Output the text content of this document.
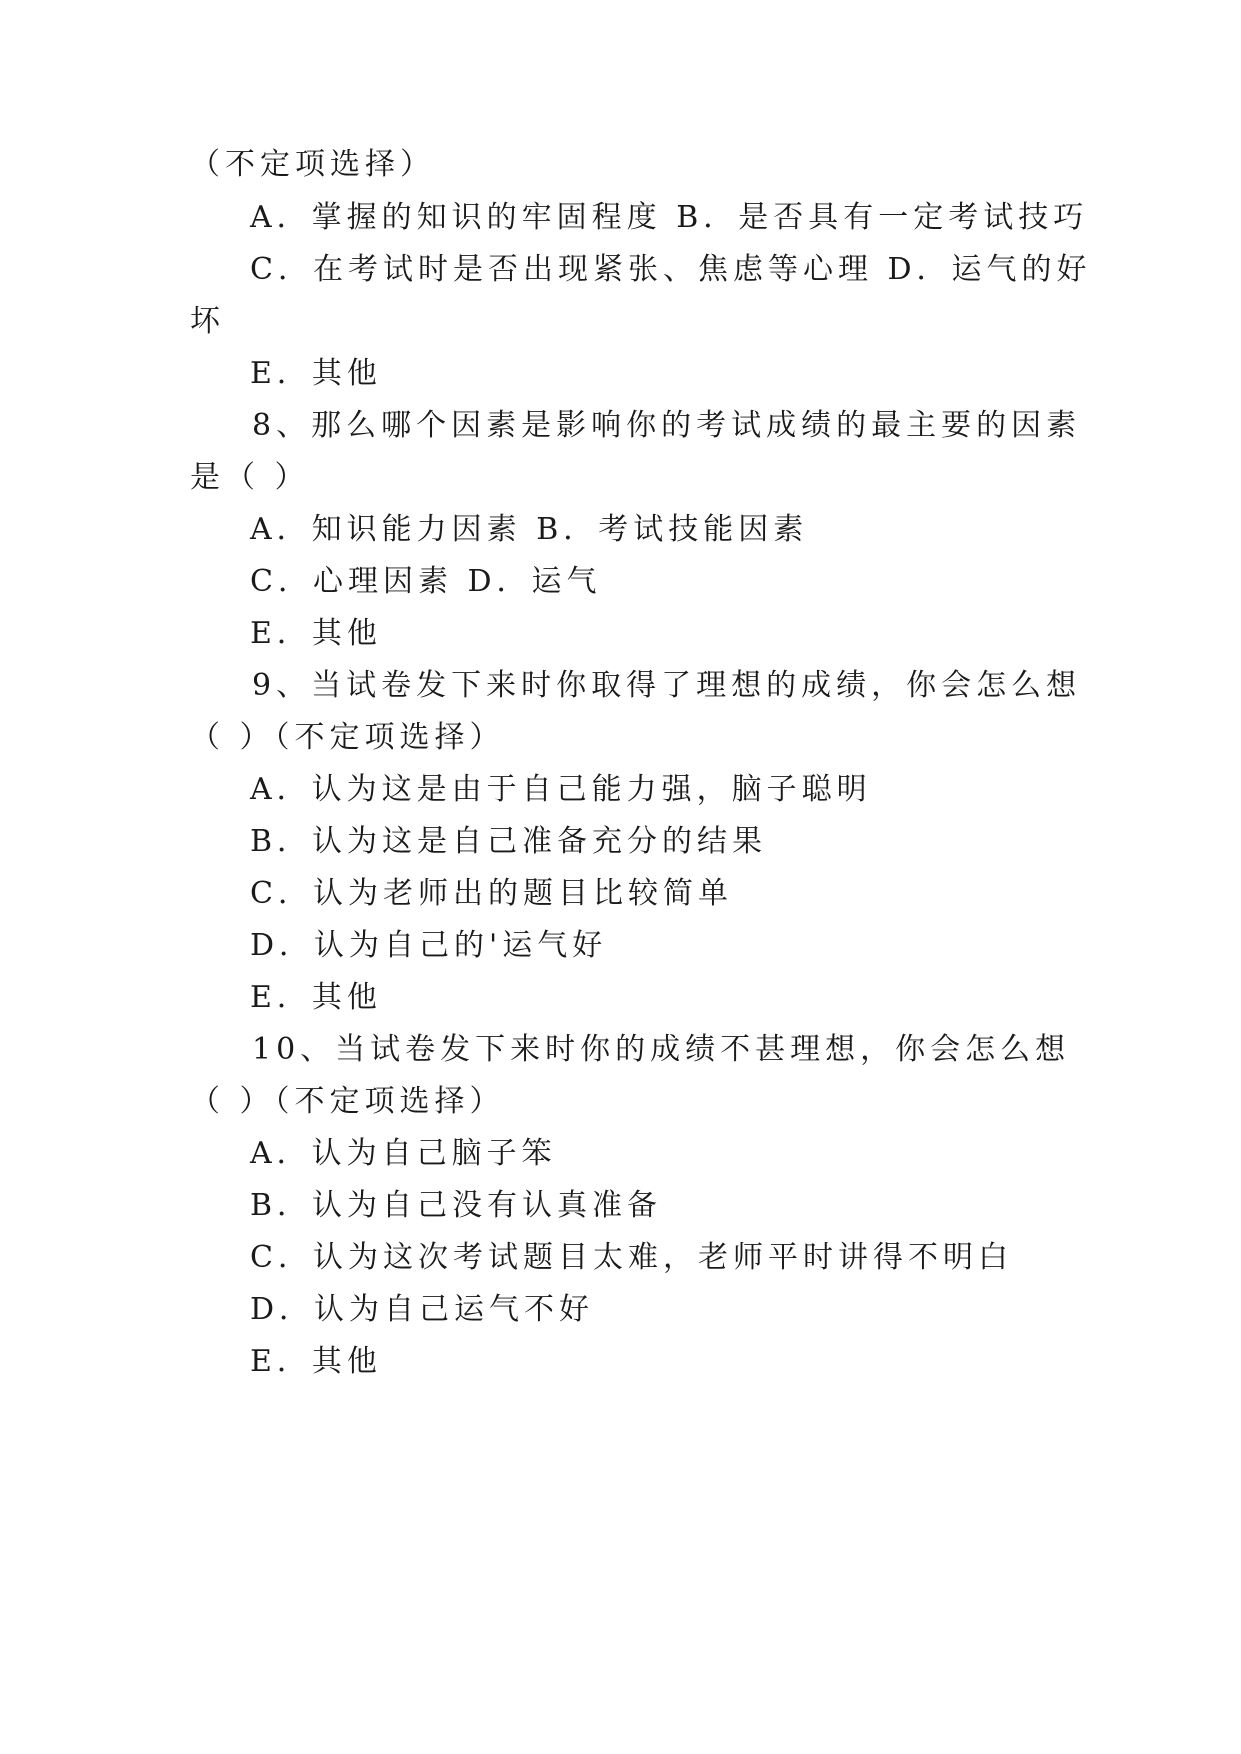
（不定项选择）
A．掌握的知识的牢固程度 B．是否具有一定考试技巧
C．在考试时是否出现紧张、焦虑等心理 D．运气的好
坏
E．其他
8、那么哪个因素是影响你的考试成绩的最主要的因素
是（ ）
A．知识能力因素 B．考试技能因素
C．心理因素 D．运气
E．其他
9、当试卷发下来时你取得了理想的成绩，你会怎么想
（ ）（不定项选择）
A．认为这是由于自己能力强，脑子聪明
B．认为这是自己准备充分的结果
C．认为老师出的题目比较简单
D．认为自己的'运气好
E．其他
10、当试卷发下来时你的成绩不甚理想，你会怎么想
（ ）（不定项选择）
A．认为自己脑子笨
B．认为自己没有认真准备
C．认为这次考试题目太难，老师平时讲得不明白
D．认为自己运气不好
E．其他
